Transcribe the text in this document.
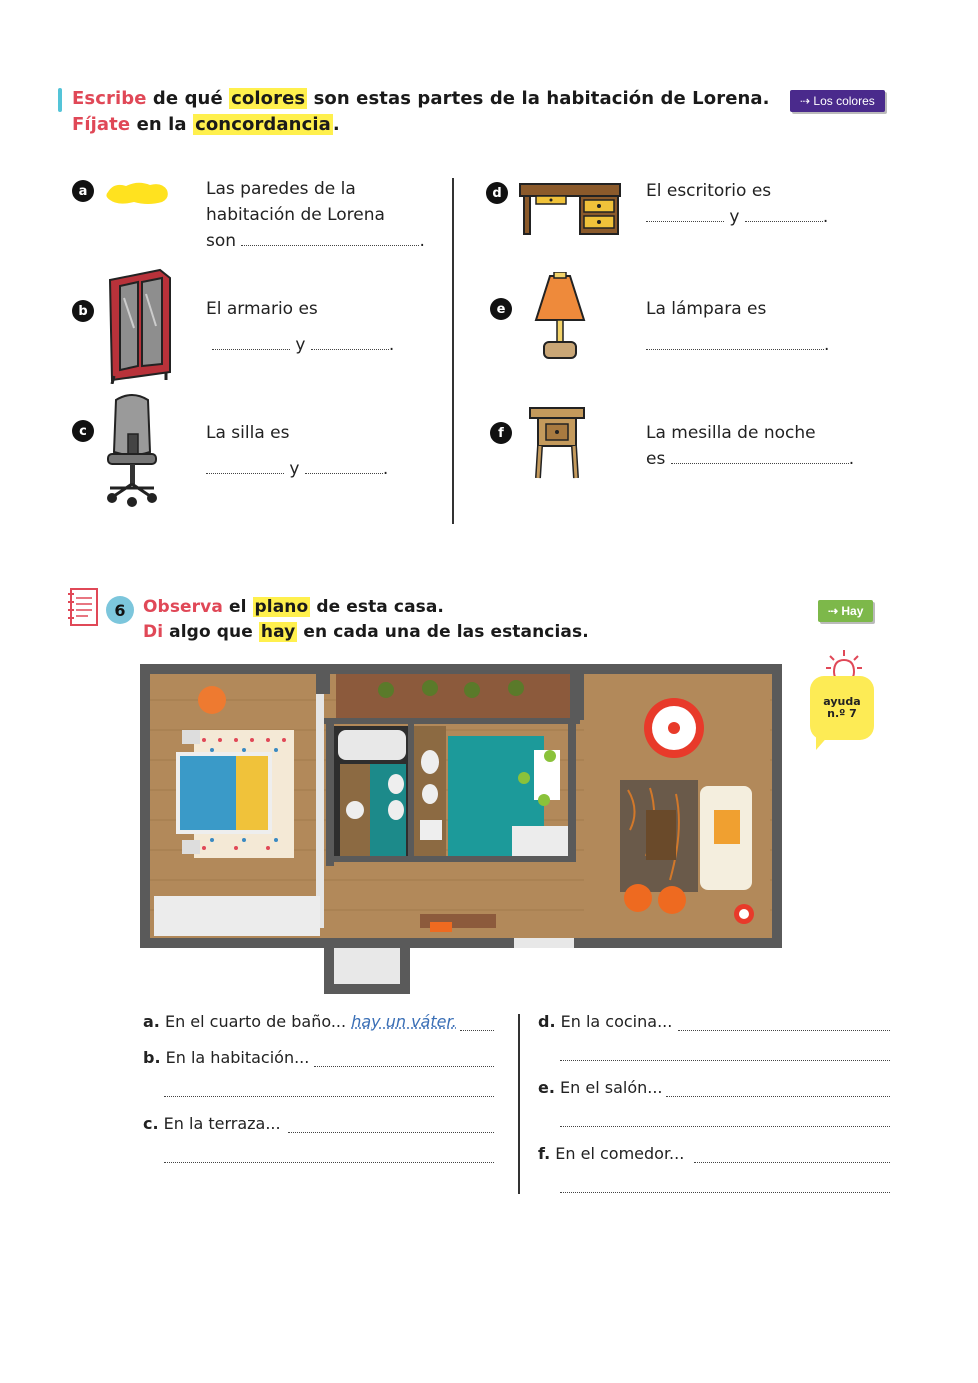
Escribe de qué colores son estas partes de la habitación de Lorena.
Fíjate en la concordancia .
⇢ Los colores
a	Las paredes de la
habitación de Lorena
son	.
b	El armario es
y	.
c	La silla es
y	.
d	El escritorio es
y	.
e	La lámpara es
.
f	La mesilla de noche
es	.
6	Observa el plano de esta casa.
Di algo que hay en cada una de las estancias.
⇢ Hay
ayuda
n.º 7
a. En el cuarto de baño... hay un váter.
b. En la habitación...
c. En la terraza...
d. En la cocina...
e. En el salón...
f. En el comedor...
